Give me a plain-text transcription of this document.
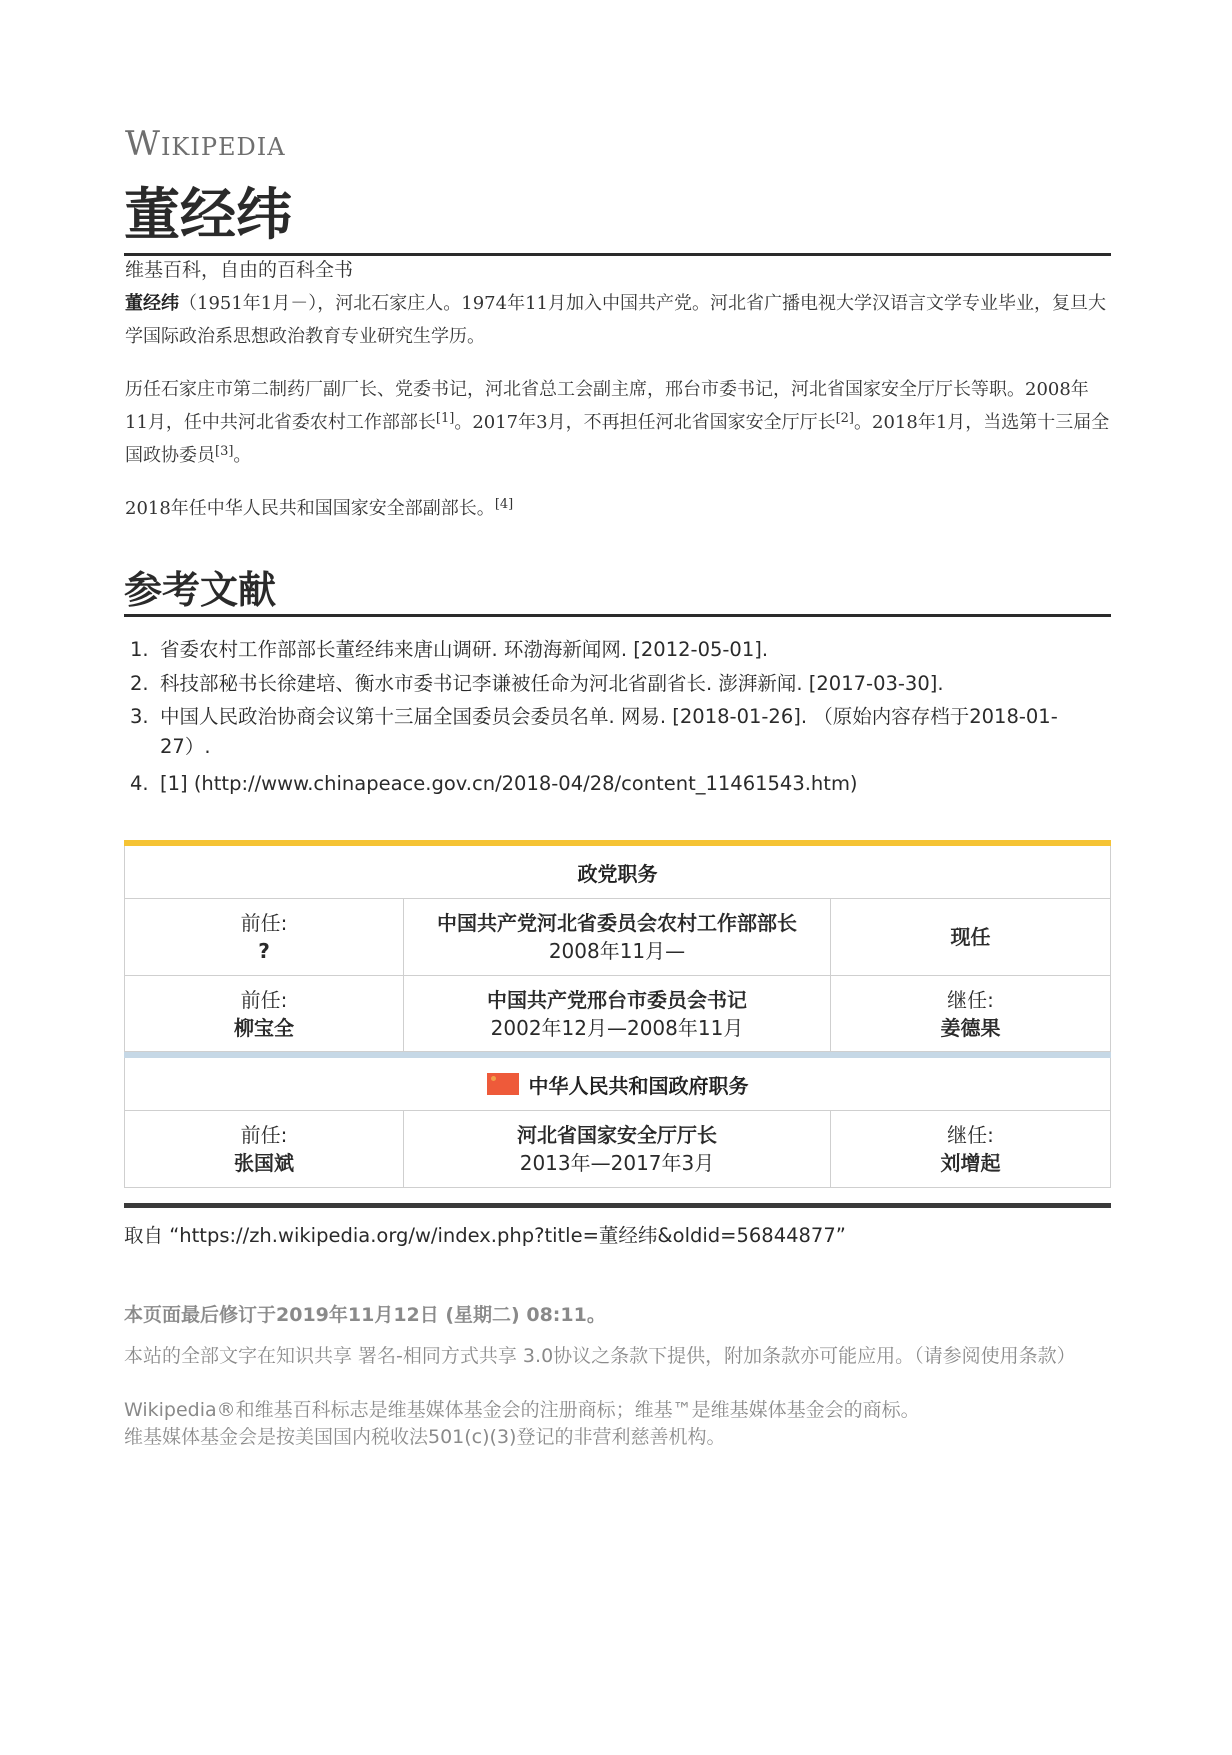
Wikipedia
董经纬
维基百科，自由的百科全书
董经纬（1951年1月－），河北石家庄人。1974年11月加入中国共产党。河北省广播电视大学汉语言文学专业毕业，复旦大学国际政治系思想政治教育专业研究生学历。
历任石家庄市第二制药厂副厂长、党委书记，河北省总工会副主席，邢台市委书记，河北省国家安全厅厅长等职。2008年11月，任中共河北省委农村工作部部长[1]。2017年3月，不再担任河北省国家安全厅厅长[2]。2018年1月，当选第十三届全国政协委员[3]。
2018年任中华人民共和国国家安全部副部长。[4]
参考文献
1. 省委农村工作部部长董经纬来唐山调研. 环渤海新闻网. [2012-05-01].
2. 科技部秘书长徐建培、衡水市委书记李谦被任命为河北省副省长. 澎湃新闻. [2017-03-30].
3. 中国人民政治协商会议第十三届全国委员会委员名单. 网易. [2018-01-26]. （原始内容存档于2018-01-27）.
4. [1] (http://www.chinapeace.gov.cn/2018-04/28/content_11461543.htm)
政党职务
前任:
?
中国共产党河北省委员会农村工作部部长
2008年11月—
现任
前任:
柳宝全
中国共产党邢台市委员会书记
2002年12月—2008年11月
继任:
姜德果
中华人民共和国政府职务
前任:
张国斌
河北省国家安全厅厅长
2013年—2017年3月
继任:
刘增起
取自 “https://zh.wikipedia.org/w/index.php?title=董经纬&oldid=56844877”
本页面最后修订于2019年11月12日 (星期二) 08:11。
本站的全部文字在知识共享 署名-相同方式共享 3.0协议之条款下提供，附加条款亦可能应用。（请参阅使用条款）
Wikipedia®和维基百科标志是维基媒体基金会的注册商标；维基™是维基媒体基金会的商标。
维基媒体基金会是按美国国内税收法501(c)(3)登记的非营利慈善机构。
